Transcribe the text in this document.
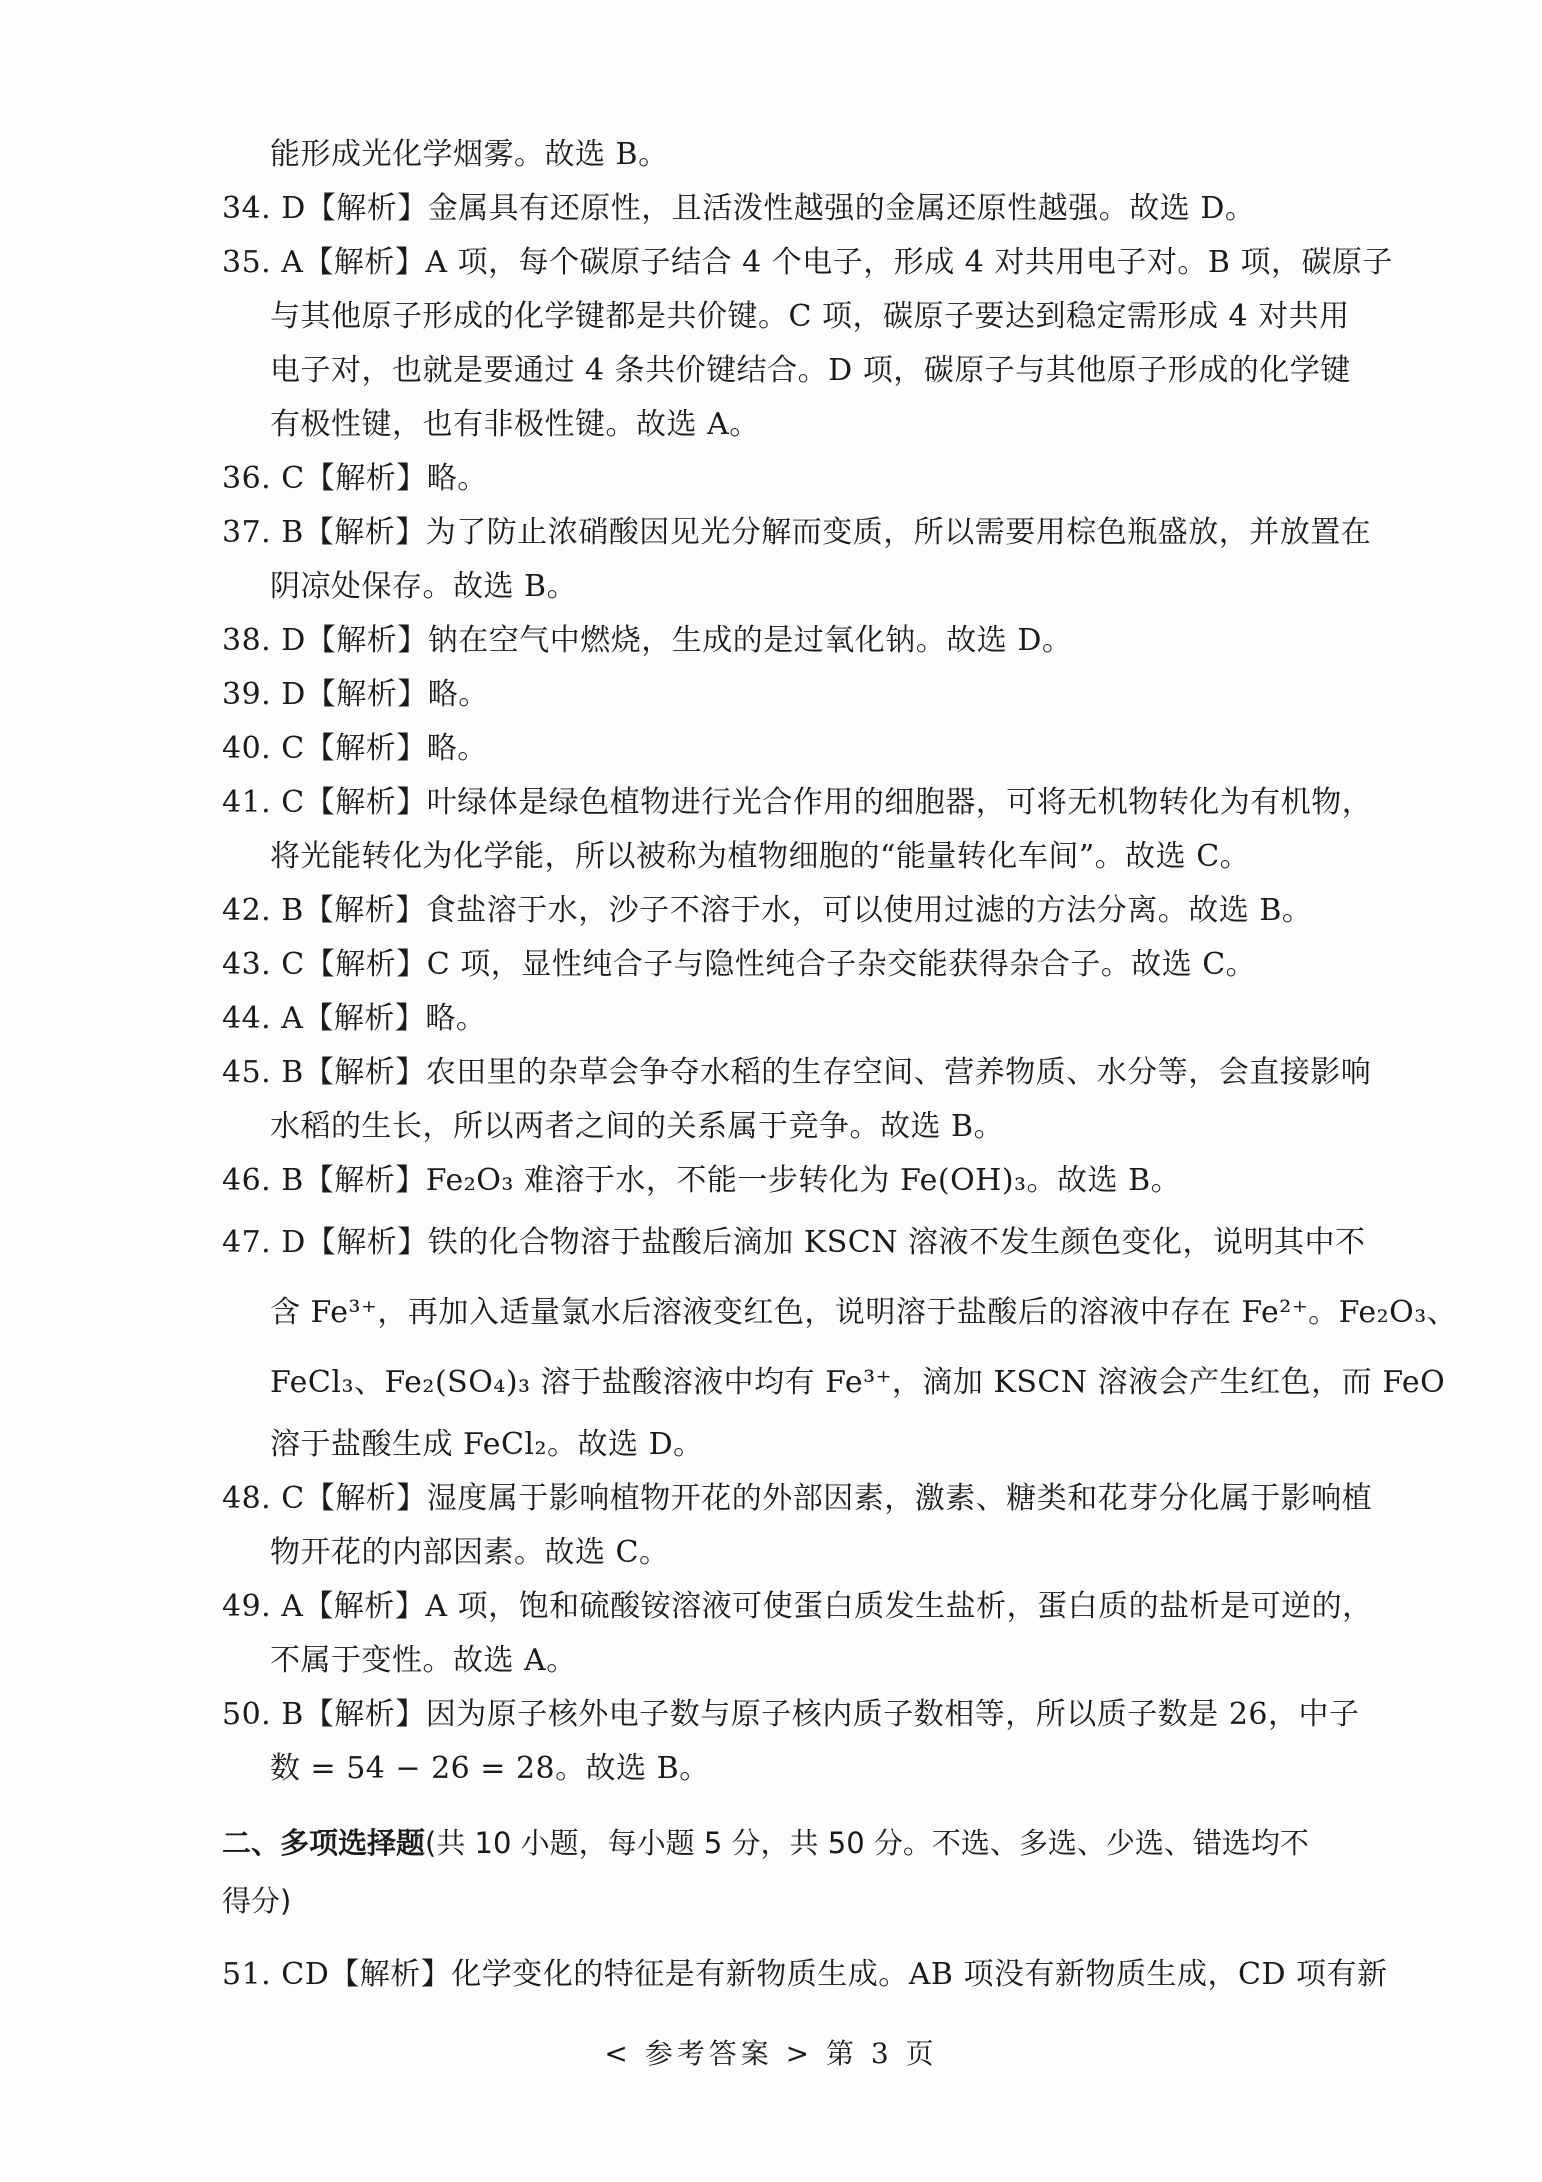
能形成光化学烟雾。故选 B。
34. D【解析】金属具有还原性，且活泼性越强的金属还原性越强。故选 D。
35. A【解析】A 项，每个碳原子结合 4 个电子，形成 4 对共用电子对。B 项，碳原子
与其他原子形成的化学键都是共价键。C 项，碳原子要达到稳定需形成 4 对共用
电子对，也就是要通过 4 条共价键结合。D 项，碳原子与其他原子形成的化学键
有极性键，也有非极性键。故选 A。
36. C【解析】略。
37. B【解析】为了防止浓硝酸因见光分解而变质，所以需要用棕色瓶盛放，并放置在
阴凉处保存。故选 B。
38. D【解析】钠在空气中燃烧，生成的是过氧化钠。故选 D。
39. D【解析】略。
40. C【解析】略。
41. C【解析】叶绿体是绿色植物进行光合作用的细胞器，可将无机物转化为有机物，
将光能转化为化学能，所以被称为植物细胞的“能量转化车间”。故选 C。
42. B【解析】食盐溶于水，沙子不溶于水，可以使用过滤的方法分离。故选 B。
43. C【解析】C 项，显性纯合子与隐性纯合子杂交能获得杂合子。故选 C。
44. A【解析】略。
45. B【解析】农田里的杂草会争夺水稻的生存空间、营养物质、水分等，会直接影响
水稻的生长，所以两者之间的关系属于竞争。故选 B。
46. B【解析】Fe₂O₃ 难溶于水，不能一步转化为 Fe(OH)₃。故选 B。
47. D【解析】铁的化合物溶于盐酸后滴加 KSCN 溶液不发生颜色变化，说明其中不
含 Fe³⁺，再加入适量氯水后溶液变红色，说明溶于盐酸后的溶液中存在 Fe²⁺。Fe₂O₃、
FeCl₃、Fe₂(SO₄)₃ 溶于盐酸溶液中均有 Fe³⁺，滴加 KSCN 溶液会产生红色，而 FeO
溶于盐酸生成 FeCl₂。故选 D。
48. C【解析】湿度属于影响植物开花的外部因素，激素、糖类和花芽分化属于影响植
物开花的内部因素。故选 C。
49. A【解析】A 项，饱和硫酸铵溶液可使蛋白质发生盐析，蛋白质的盐析是可逆的，
不属于变性。故选 A。
50. B【解析】因为原子核外电子数与原子核内质子数相等，所以质子数是 26，中子
数 = 54 − 26 = 28。故选 B。
二、多项选择题(共 10 小题，每小题 5 分，共 50 分。不选、多选、少选、错选均不
得分)
51. CD【解析】化学变化的特征是有新物质生成。AB 项没有新物质生成，CD 项有新
< 参考答案 > 第 3 页
